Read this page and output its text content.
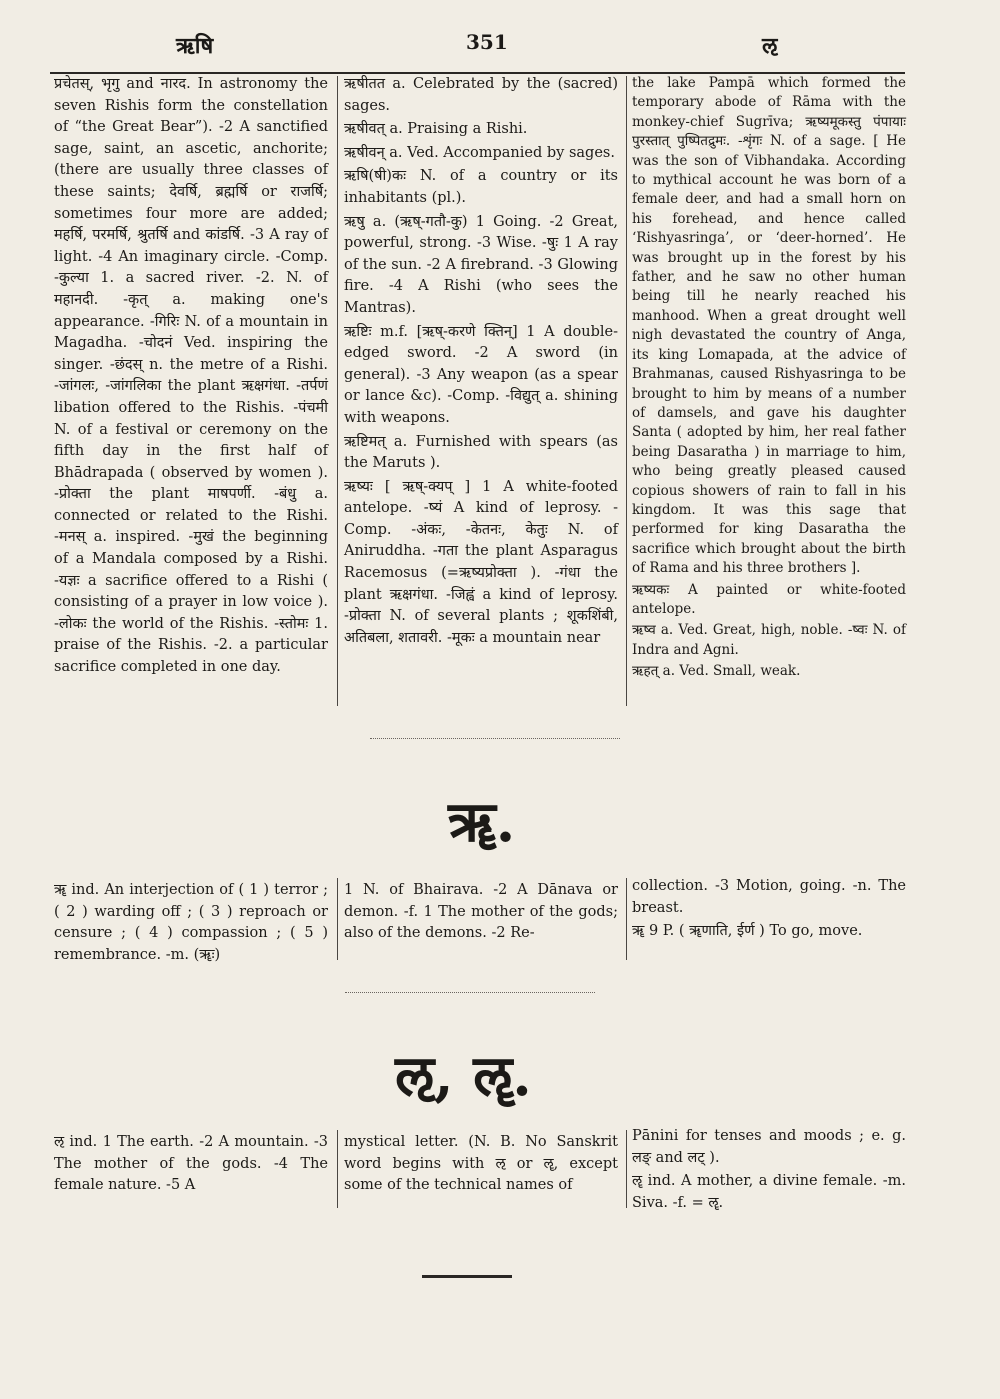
ऋषि	351	ऌ

प्रचेतस्, भृगु and नारद. In astronomy the seven Rishis form the constellation of “the Great Bear”). -2 A sanctified sage, saint, an ascetic, anchorite; (there are usually three classes of these saints; देवर्षि, ब्रह्मर्षि or राजर्षि; sometimes four more are added; महर्षि, परमर्षि, श्रुतर्षि and कांडर्षि. -3 A ray of light. -4 An imaginary circle. -Comp. -कुल्या 1. a sacred river. -2. N. of महानदी. -कृत् a. making one's appearance. -गिरिः N. of a mountain in Magadha. -चोदनं Ved. inspiring the singer. -छंदस् n. the metre of a Rishi. -जांगलः, -जांगलिका the plant ऋक्षगंधा. -तर्पणं libation offered to the Rishis. -पंचमी N. of a festival or ceremony on the fifth day in the first half of Bhādrapada ( observed by women ). -प्रोक्ता the plant माषपर्णी. -बंधु a. connected or related to the Rishi. -मनस् a. inspired. -मुखं the beginning of a Mandala composed by a Rishi. -यज्ञः a sacrifice offered to a Rishi ( consisting of a prayer in low voice ). -लोकः the world of the Rishis. -स्तोमः 1. praise of the Rishis. -2. a particular sacrifice completed in one day.

ऋषीतत a. Celebrated by the (sacred) sages.

ऋषीवत् a. Praising a Rishi.

ऋषीवन् a. Ved. Accompanied by sages.

ऋषि(षी)कः N. of a country or its inhabitants (pl.).

ऋषु a. (ऋष्-गतौ-कु) 1 Going. -2 Great, powerful, strong. -3 Wise. -षुः 1 A ray of the sun. -2 A firebrand. -3 Glowing fire. -4 A Rishi (who sees the Mantras).

ऋष्टिः m.f. [ऋष्-करणे क्तिन्] 1 A double-edged sword. -2 A sword (in general). -3 Any weapon (as a spear or lance &c). -Comp. -विद्युत् a. shining with weapons.

ऋष्टिमत् a. Furnished with spears (as the Maruts ).

ऋष्यः [ ऋष्-क्यप् ] 1 A white-footed antelope. -ष्यं A kind of leprosy. -Comp. -अंकः, -केतनः, केतुः N. of Aniruddha. -गता the plant Asparagus Racemosus (=ऋष्यप्रोक्ता ). -गंधा the plant ऋक्षगंधा. -जिह्वं a kind of leprosy. -प्रोक्ता N. of several plants ; शूकशिंबी, अतिबला, शतावरी. -मूकः a mountain near

the lake Pampā which formed the temporary abode of Rāma with the monkey-chief Sugrīva; ऋष्यमूकस्तु पंपायाः पुरस्तात् पुष्पितद्रुमः. -शृंगः N. of a sage. [ He was the son of Vibhandaka. According to mythical account he was born of a female deer, and had a small horn on his forehead, and hence called ‘Rishyasringa’, or ‘deer-horned’. He was brought up in the forest by his father, and he saw no other human being till he nearly reached his manhood. When a great drought well nigh devastated the country of Anga, its king Lomapada, at the advice of Brahmanas, caused Rishyasringa to be brought to him by means of a number of damsels, and gave his daughter Santa ( adopted by him, her real father being Dasaratha ) in marriage to him, who being greatly pleased caused copious showers of rain to fall in his kingdom. It was this sage that performed for king Dasaratha the sacrifice which brought about the birth of Rama and his three brothers ].

ऋष्यकः A painted or white-footed antelope.

ऋष्व a. Ved. Great, high, noble. -ष्वः N. of Indra and Agni.

ऋहत् a. Ved. Small, weak.

ॠ.

ॠ ind. An interjection of ( 1 ) terror ; ( 2 ) warding off ; ( 3 ) reproach or censure ; ( 4 ) compassion ; ( 5 ) remembrance. -m. (ॠः)

1 N. of Bhairava. -2 A Dānava or demon. -f. 1 The mother of the gods; also of the demons. -2 Re-

collection. -3 Motion, going. -n. The breast.

ॠ 9 P. ( ॠणाति, ईर्ण ) To go, move.

ऌ, ॡ.

ऌ ind. 1 The earth. -2 A mountain. -3 The mother of the gods. -4 The female nature. -5 A

mystical letter. (N. B. No Sanskrit word begins with ऌ or ॡ, except some of the technical names of

Pānini for tenses and moods ; e. g. लङ् and लट् ).

ॡ ind. A mother, a divine female. -m. Siva. -f. = ॡ.
